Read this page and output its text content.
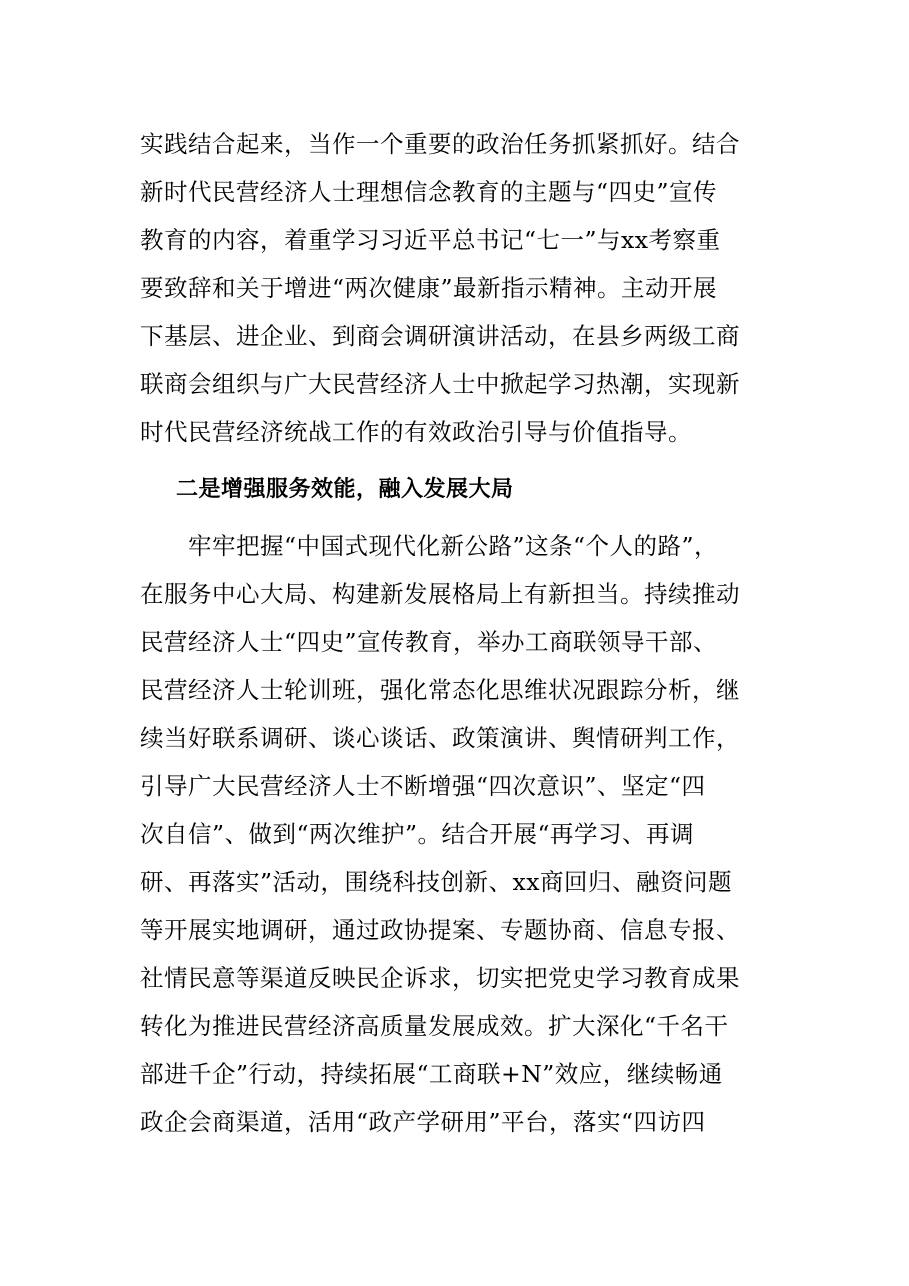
实践结合起来，当作一个重要的政治任务抓紧抓好。结合
新时代民营经济人士理想信念教育的主题与“四史”宣传
教育的内容，着重学习习近平总书记“七一”与xx考察重
要致辞和关于增进“两次健康”最新指示精神。主动开展
下基层、进企业、到商会调研演讲活动，在县乡两级工商
联商会组织与广大民营经济人士中掀起学习热潮，实现新
时代民营经济统战工作的有效政治引导与价值指导。
二是增强服务效能，融入发展大局
　　牢牢把握“中国式现代化新公路”这条“个人的路”，
在服务中心大局、构建新发展格局上有新担当。持续推动
民营经济人士“四史”宣传教育，举办工商联领导干部、
民营经济人士轮训班，强化常态化思维状况跟踪分析，继
续当好联系调研、谈心谈话、政策演讲、舆情研判工作，
引导广大民营经济人士不断增强“四次意识”、坚定“四
次自信”、做到“两次维护”。结合开展“再学习、再调
研、再落实”活动，围绕科技创新、xx商回归、融资问题
等开展实地调研，通过政协提案、专题协商、信息专报、
社情民意等渠道反映民企诉求，切实把党史学习教育成果
转化为推进民营经济高质量发展成效。扩大深化“千名干
部进千企”行动，持续拓展“工商联+N”效应，继续畅通
政企会商渠道，活用“政产学研用”平台，落实“四访四
